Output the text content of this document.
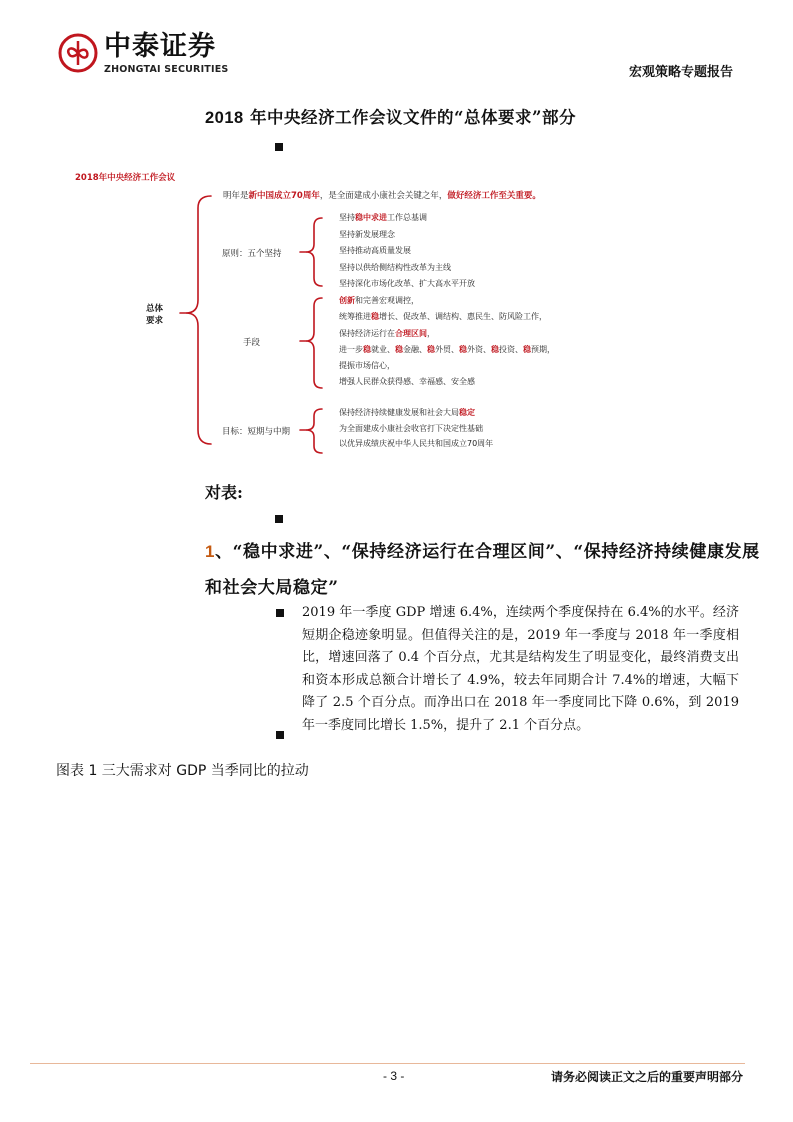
中泰证券
ZHONGTAI SECURITIES	宏观策略专题报告
2018 年中央经济工作会议文件的“总体要求”部分
2018年中央经济工作会议
总体
要求
明年是新中国成立70周年，是全面建成小康社会关键之年，做好经济工作至关重要。
原则：五个坚持
坚持稳中求进工作总基调
坚持新发展理念
坚持推动高质量发展
坚持以供给侧结构性改革为主线
坚持深化市场化改革、扩大高水平开放
手段
创新和完善宏观调控，
统筹推进稳增长、促改革、调结构、惠民生、防风险工作，
保持经济运行在合理区间，
进一步稳就业、稳金融、稳外贸、稳外资、稳投资、稳预期，
提振市场信心，
增强人民群众获得感、幸福感、安全感
目标：短期与中期
保持经济持续健康发展和社会大局稳定
为全面建成小康社会收官打下决定性基础
以优异成绩庆祝中华人民共和国成立70周年
对表:
1、“稳中求进”、“保持经济运行在合理区间”、“保持经济持续健康发展和社会大局稳定”
2019 年一季度 GDP 增速 6.4%，连续两个季度保持在 6.4%的水平。经济短期企稳迹象明显。但值得关注的是，2019 年一季度与 2018 年一季度相比，增速回落了 0.4 个百分点，尤其是结构发生了明显变化，最终消费支出和资本形成总额合计增长了 4.9%，较去年同期合计 7.4%的增速，大幅下降了 2.5 个百分点。而净出口在 2018 年一季度同比下降 0.6%，到 2019 年一季度同比增长 1.5%，提升了 2.1 个百分点。
图表 1 三大需求对 GDP 当季同比的拉动
- 3 -	请务必阅读正文之后的重要声明部分
